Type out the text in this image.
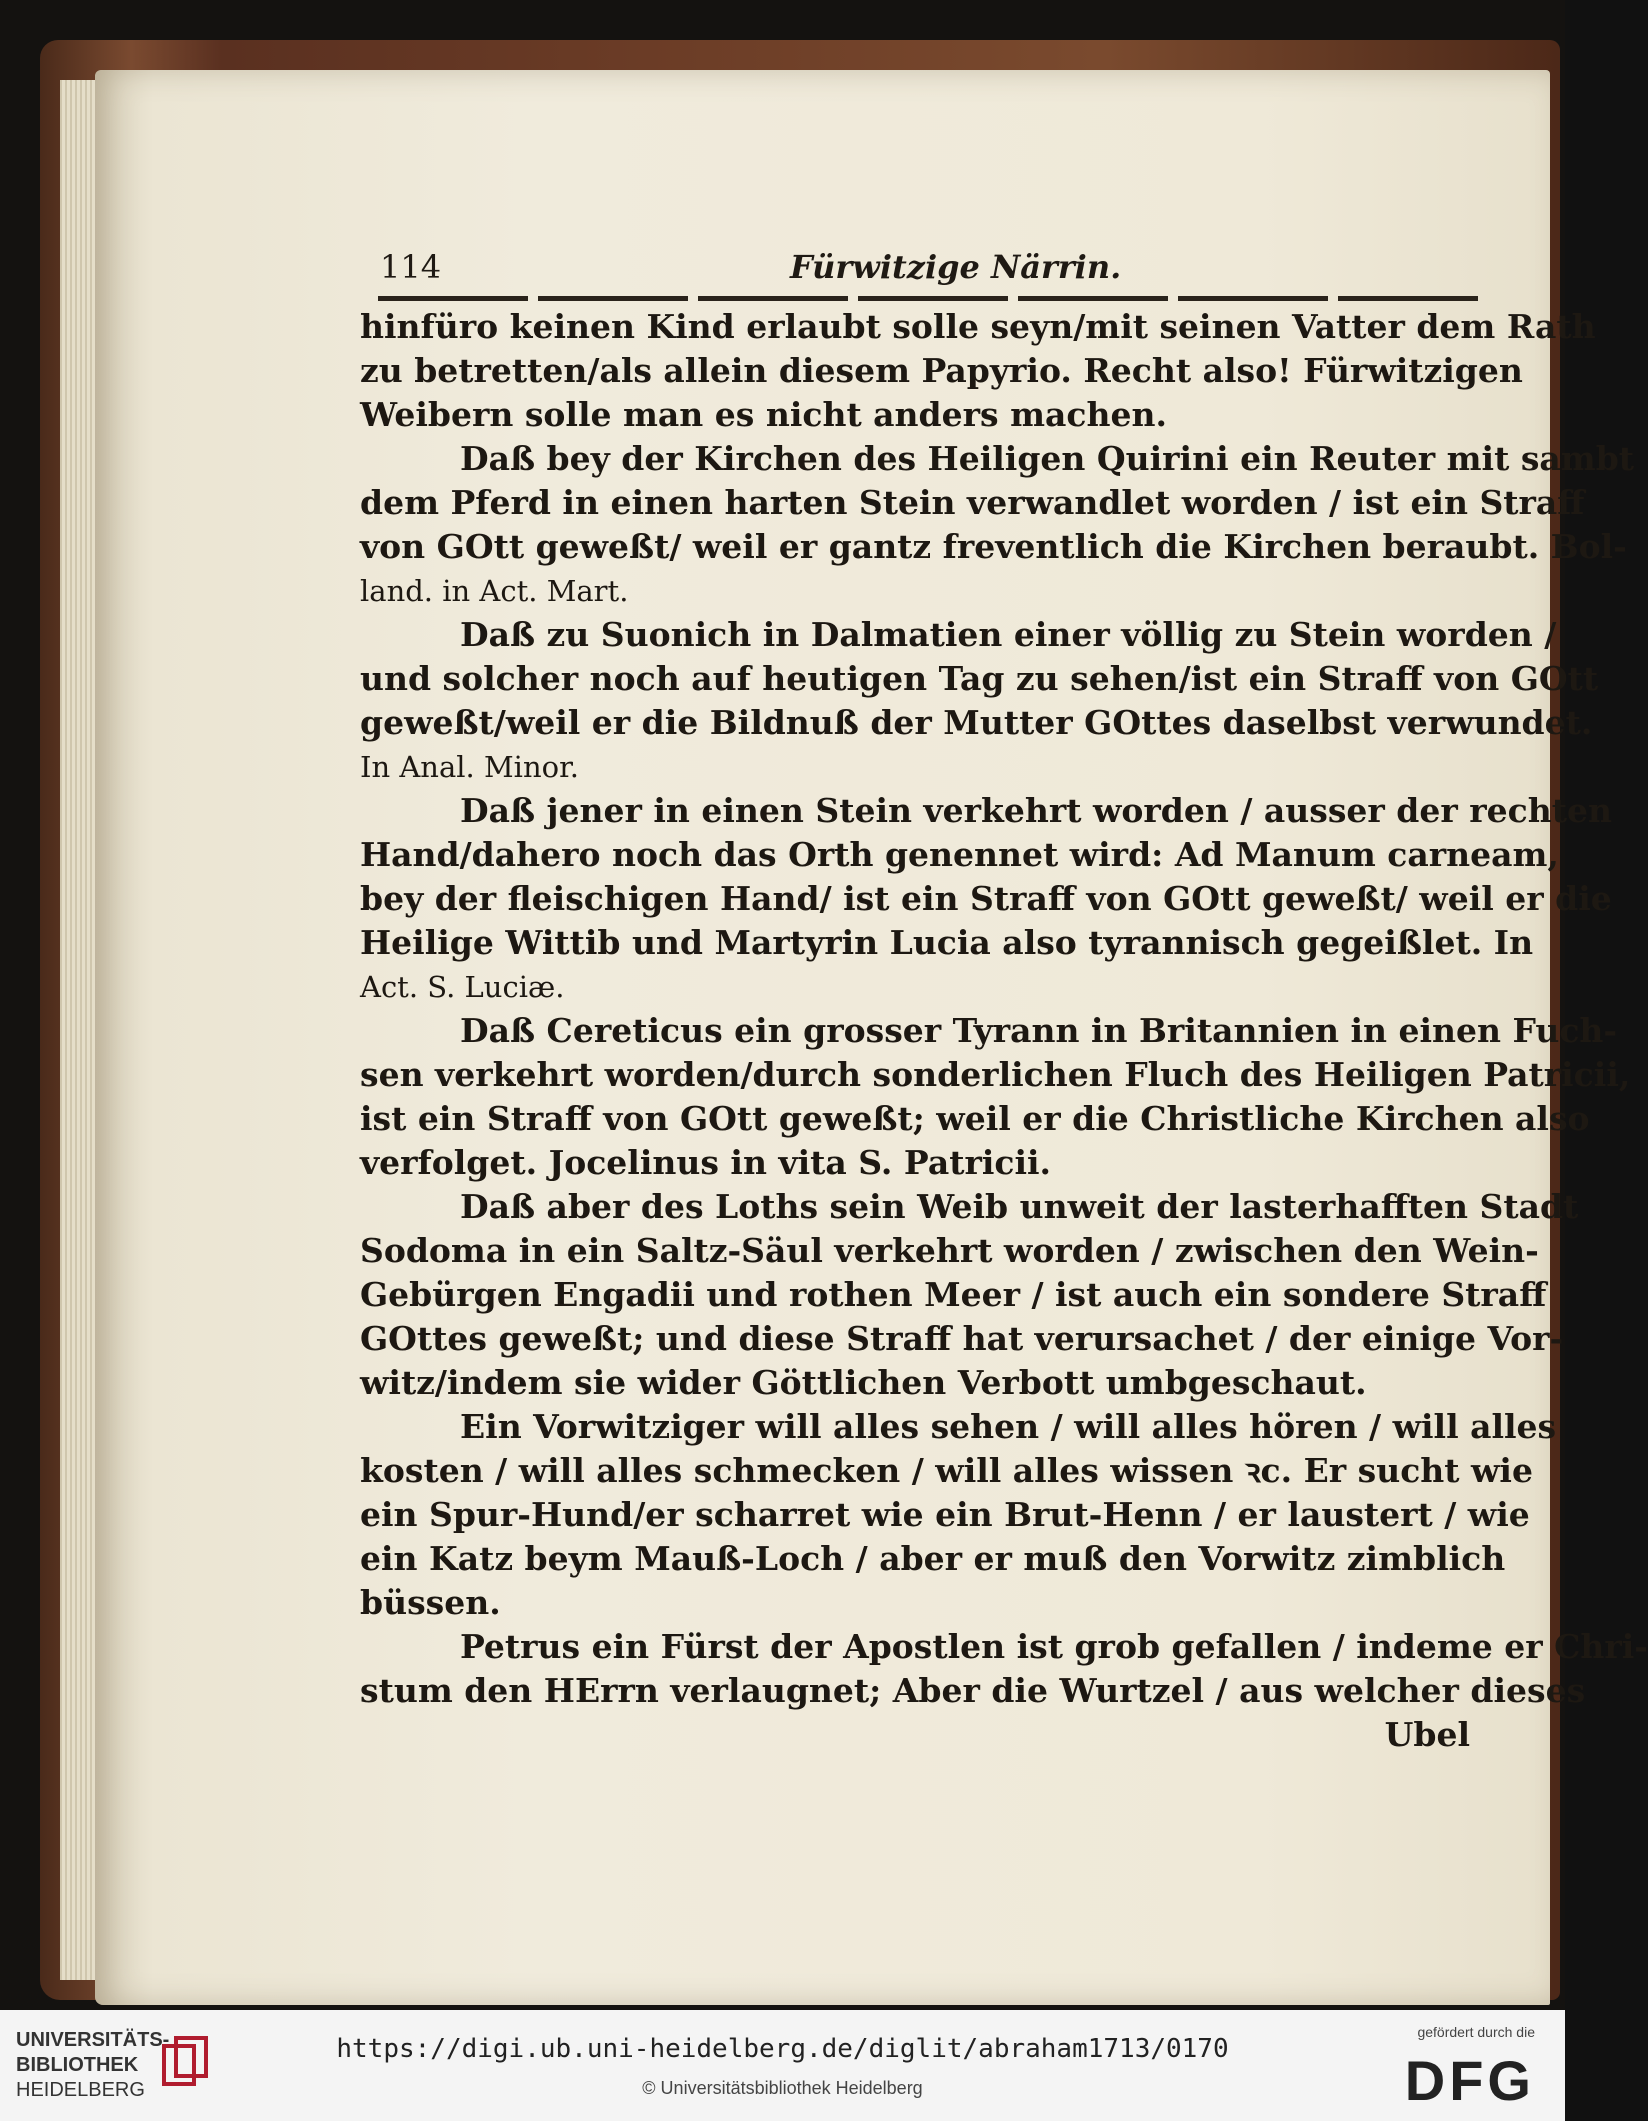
114	Fürwitzige Närrin.
hinfüro keinen Kind erlaubt solle seyn/mit seinen Vatter dem Rath
zu betretten/als allein diesem Papyrio. Recht also! Fürwitzigen
Weibern solle man es nicht anders machen.
Daß bey der Kirchen des Heiligen Quirini ein Reuter mit sambt
dem Pferd in einen harten Stein verwandlet worden / ist ein Straff
von GOtt geweßt/ weil er gantz freventlich die Kirchen beraubt. Bol-
land. in Act. Mart.
Daß zu Suonich in Dalmatien einer völlig zu Stein worden /
und solcher noch auf heutigen Tag zu sehen/ist ein Straff von GOtt
geweßt/weil er die Bildnuß der Mutter GOttes daselbst verwundet.
In Anal. Minor.
Daß jener in einen Stein verkehrt worden / ausser der rechten
Hand/dahero noch das Orth genennet wird: Ad Manum carneam,
bey der fleischigen Hand/ ist ein Straff von GOtt geweßt/ weil er die
Heilige Wittib und Martyrin Lucia also tyrannisch gegeißlet. In
Act. S. Luciæ.
Daß Cereticus ein grosser Tyrann in Britannien in einen Fuch-
sen verkehrt worden/durch sonderlichen Fluch des Heiligen Patricii,
ist ein Straff von GOtt geweßt; weil er die Christliche Kirchen also
verfolget. Jocelinus in vita S. Patricii.
Daß aber des Loths sein Weib unweit der lasterhafften Stadt
Sodoma in ein Saltz-Säul verkehrt worden / zwischen den Wein-
Gebürgen Engadii und rothen Meer / ist auch ein sondere Straff
GOttes geweßt; und diese Straff hat verursachet / der einige Vor-
witz/indem sie wider Göttlichen Verbott umbgeschaut.
Ein Vorwitziger will alles sehen / will alles hören / will alles
kosten / will alles schmecken / will alles wissen ꝛc. Er sucht wie
ein Spur-Hund/er scharret wie ein Brut-Henn / er laustert / wie
ein Katz beym Mauß-Loch / aber er muß den Vorwitz zimblich
büssen.
Petrus ein Fürst der Apostlen ist grob gefallen / indeme er Chri-
stum den HErrn verlaugnet; Aber die Wurtzel / aus welcher dieses
Ubel
UNIVERSITÄTS-
BIBLIOTHEK
HEIDELBERG
https://digi.ub.uni-heidelberg.de/diglit/abraham1713/0170
© Universitätsbibliothek Heidelberg
gefördert durch die
DFG
